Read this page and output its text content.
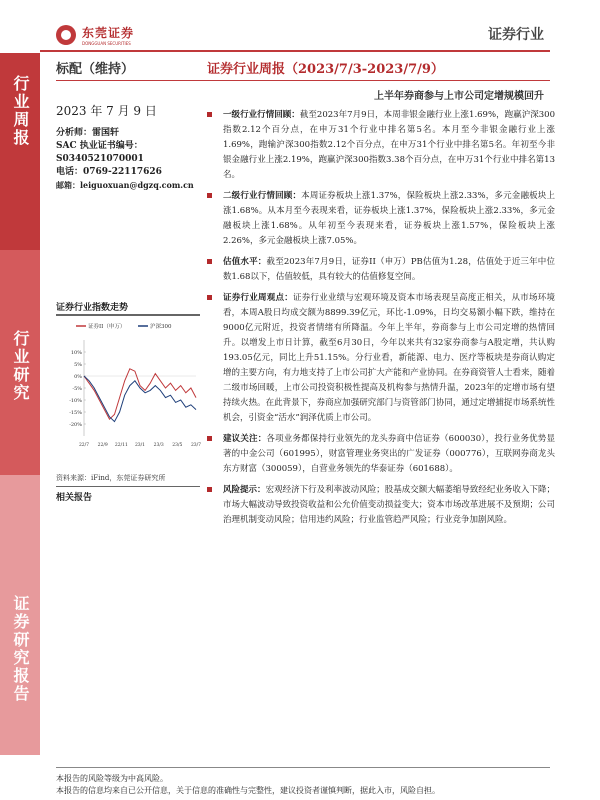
东莞证券
DONGGUAN SECURITIES
证券行业
行业周报
行业研究
证券研究报告
标配（维持）	证券行业周报（2023/7/3-2023/7/9）
上半年券商参与上市公司定增规模回升
2023 年 7 月 9 日
分析师：雷国轩
SAC 执业证书编号：
S0340521070001
电话：0769-22117626
邮箱：leiguoxuan@dgzq.com.cn
证券行业指数走势
证券II（申万）	沪深300
10%
5%
0%
-5%
-10%
-15%
-20%
22/7 22/9 22/11 23/1 23/3 23/5 23/7
资料来源：iFind，东莞证券研究所
相关报告
一级行业行情回顾：截至2023年7月9日，本周非银金融行业上涨1.69%，跑赢沪深300指数2.12个百分点，在申万31个行业中排名第5名。本月至今非银金融行业上涨1.69%，跑输沪深300指数2.12个百分点，在申万31个行业中排名第5名。年初至今非银金融行业上涨2.19%，跑赢沪深300指数3.38个百分点，在申万31个行业中排名第13名。
二级行业行情回顾：本周证券板块上涨1.37%，保险板块上涨2.33%，多元金融板块上涨1.68%。从本月至今表现来看，证券板块上涨1.37%，保险板块上涨2.33%，多元金融板块上涨1.68%。从年初至今表现来看，证券板块上涨1.57%，保险板块上涨2.26%，多元金融板块上涨7.05%。
估值水平：截至2023年7月9日，证券II（申万）PB估值为1.28，估值处于近三年中位数1.68以下，估值较低，具有较大的估值修复空间。
证券行业周观点：证券行业业绩与宏观环境及资本市场表现呈高度正相关，从市场环境看，本周A股日均成交额为8899.39亿元，环比-1.09%，日均交易额小幅下跌，维持在9000亿元附近，投资者情绪有所降温。今年上半年，券商参与上市公司定增的热情回升。以增发上市日计算，截至6月30日，今年以来共有32家券商参与A股定增，共认购193.05亿元，同比上升51.15%。分行业看，新能源、电力、医疗等板块是券商认购定增的主要方向，有力地支持了上市公司扩大产能和产业协同。在券商资管人士看来，随着二级市场回暖，上市公司投资积极性提高及机构参与热情升温，2023年的定增市场有望持续火热。在此背景下，券商应加强研究部门与资管部门协同，通过定增捕捉市场系统性机会，引资金“活水”润泽优质上市公司。
建议关注：各项业务都保持行业领先的龙头券商中信证券（600030），投行业务优势显著的中金公司（601995），财富管理业务突出的广发证券（000776），互联网券商龙头东方财富（300059），自营业务领先的华泰证券（601688）。
风险提示：宏观经济下行及利率波动风险；股基成交额大幅萎缩导致经纪业务收入下降；市场大幅波动导致投资收益和公允价值变动损益变大；资本市场改革进展不及预期；公司治理机制变动风险；信用违约风险；行业监管趋严风险；行业竞争加剧风险。
本报告的风险等级为中高风险。
本报告的信息均来自已公开信息，关于信息的准确性与完整性，建议投资者谨慎判断，据此入市，风险自担。
